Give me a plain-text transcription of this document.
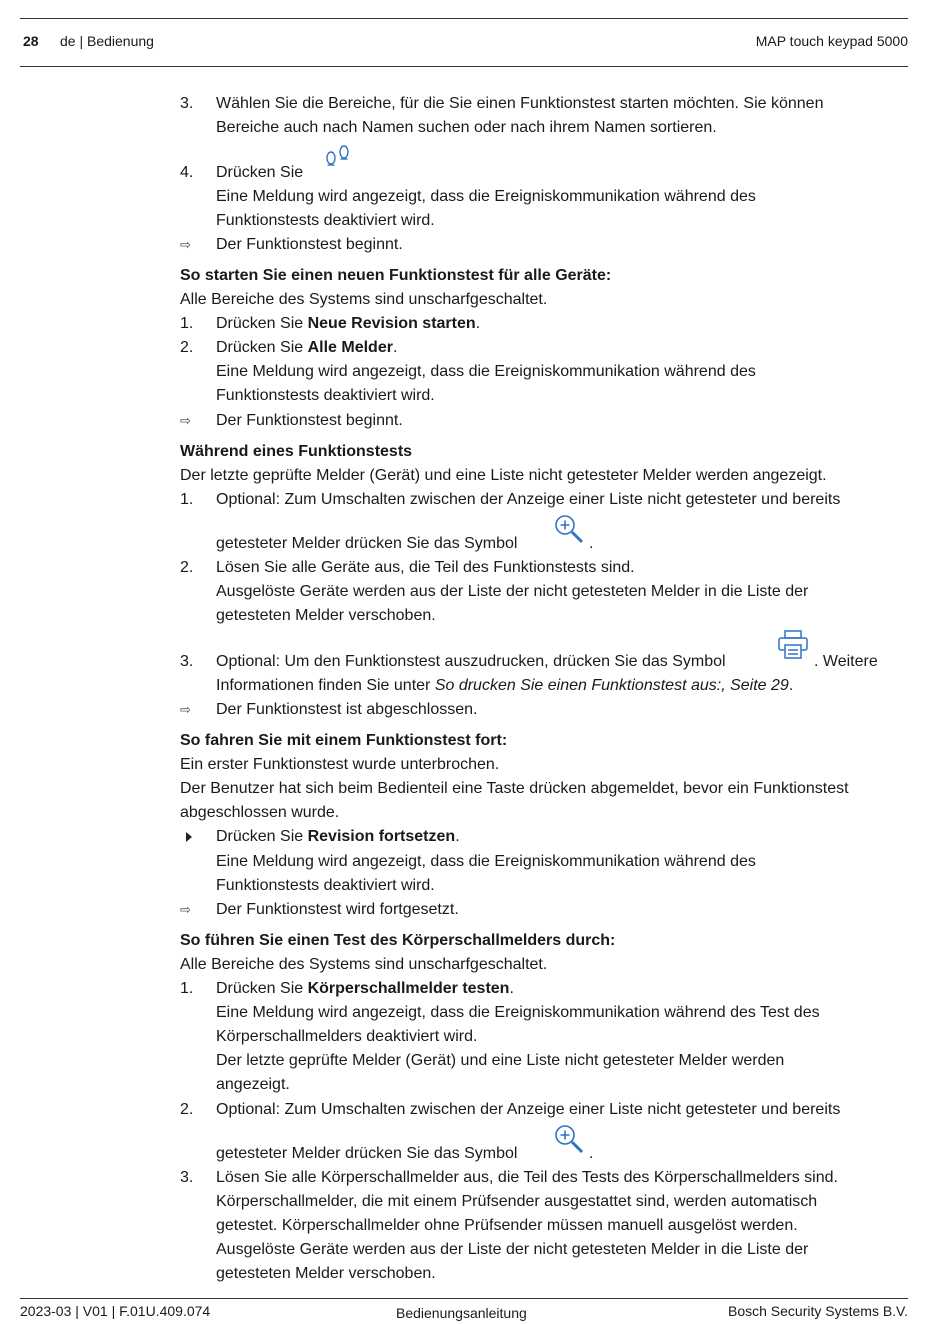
28 de | Bedienung	MAP touch keypad 5000
3.	Wählen Sie die Bereiche, für die Sie einen Funktionstest starten möchten. Sie können
Bereiche auch nach Namen suchen oder nach ihrem Namen sortieren.
4.	Drücken Sie
Eine Meldung wird angezeigt, dass die Ereigniskommunikation während des
Funktionstests deaktiviert wird.
⇨ Der Funktionstest beginnt.
So starten Sie einen neuen Funktionstest für alle Geräte:
Alle Bereiche des Systems sind unscharfgeschaltet.
1.	Drücken Sie Neue Revision starten.
2.	Drücken Sie Alle Melder.
Eine Meldung wird angezeigt, dass die Ereigniskommunikation während des
Funktionstests deaktiviert wird.
⇨ Der Funktionstest beginnt.
Während eines Funktionstests
Der letzte geprüfte Melder (Gerät) und eine Liste nicht getesteter Melder werden angezeigt.
1.	Optional: Zum Umschalten zwischen der Anzeige einer Liste nicht getesteter und bereits
getesteter Melder drücken Sie das Symbol	.
2.	Lösen Sie alle Geräte aus, die Teil des Funktionstests sind.
Ausgelöste Geräte werden aus der Liste der nicht getesteten Melder in die Liste der
getesteten Melder verschoben.
3.	Optional: Um den Funktionstest auszudrucken, drücken Sie das Symbol	. Weitere
Informationen finden Sie unter So drucken Sie einen Funktionstest aus:, Seite 29.
⇨ Der Funktionstest ist abgeschlossen.
So fahren Sie mit einem Funktionstest fort:
Ein erster Funktionstest wurde unterbrochen.
Der Benutzer hat sich beim Bedienteil eine Taste drücken abgemeldet, bevor ein Funktionstest
abgeschlossen wurde.
Drücken Sie Revision fortsetzen.
Eine Meldung wird angezeigt, dass die Ereigniskommunikation während des
Funktionstests deaktiviert wird.
⇨ Der Funktionstest wird fortgesetzt.
So führen Sie einen Test des Körperschallmelders durch:
Alle Bereiche des Systems sind unscharfgeschaltet.
1.	Drücken Sie Körperschallmelder testen.
Eine Meldung wird angezeigt, dass die Ereigniskommunikation während des Test des
Körperschallmelders deaktiviert wird.
Der letzte geprüfte Melder (Gerät) und eine Liste nicht getesteter Melder werden
angezeigt.
2.	Optional: Zum Umschalten zwischen der Anzeige einer Liste nicht getesteter und bereits
getesteter Melder drücken Sie das Symbol	.
3.	Lösen Sie alle Körperschallmelder aus, die Teil des Tests des Körperschallmelders sind.
Körperschallmelder, die mit einem Prüfsender ausgestattet sind, werden automatisch
getestet. Körperschallmelder ohne Prüfsender müssen manuell ausgelöst werden.
Ausgelöste Geräte werden aus der Liste der nicht getesteten Melder in die Liste der
getesteten Melder verschoben.
2023-03 | V01 | F.01U.409.074	Bedienungsanleitung	Bosch Security Systems B.V.
